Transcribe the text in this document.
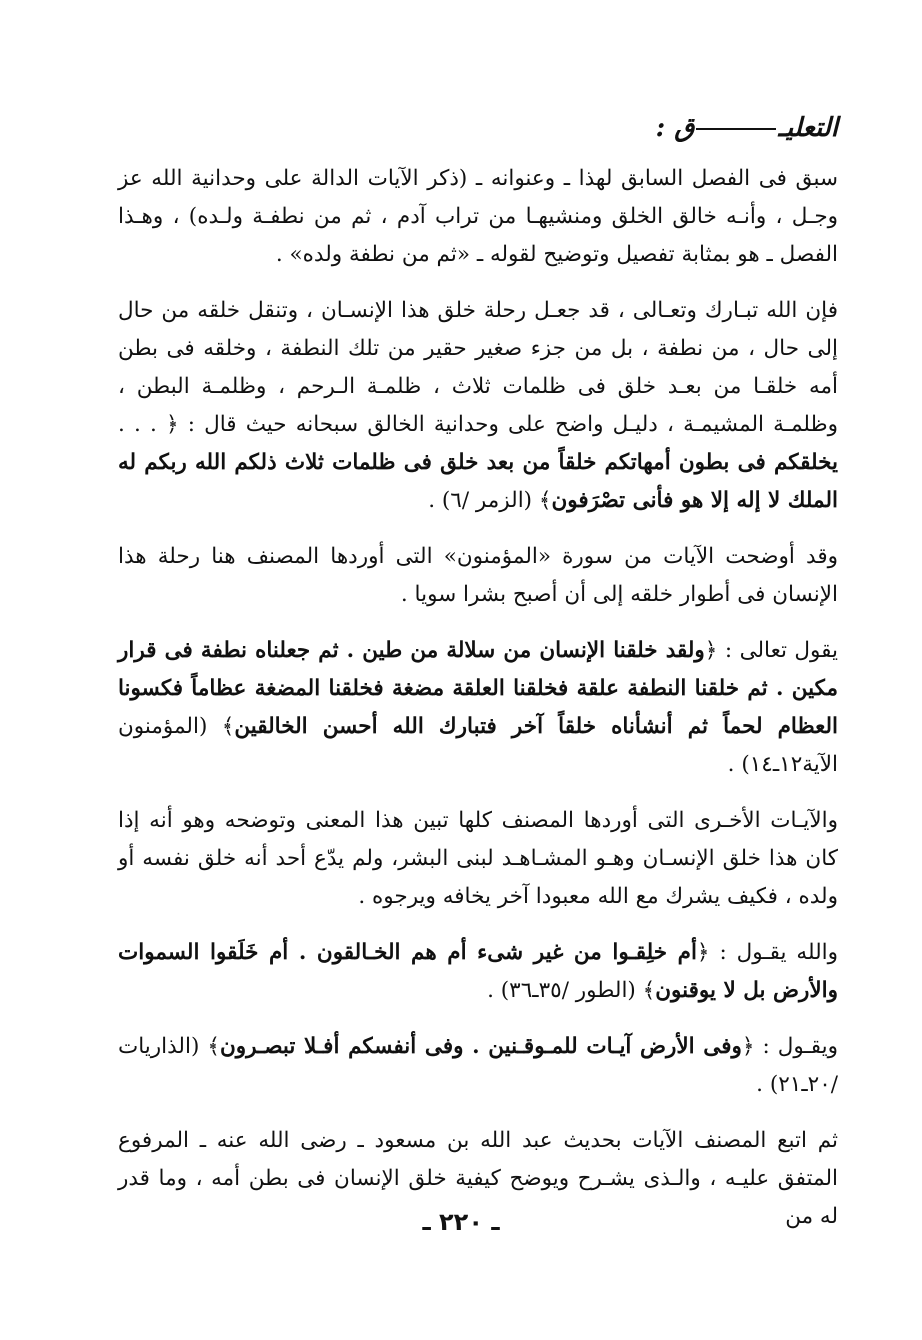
التعليـق :

سبق فى الفصل السابق لهذا ـ وعنوانه ـ (ذكر الآيات الدالة على وحدانية الله عز وجـل ، وأنـه خالق الخلق ومنشيهـا من تراب آدم ، ثم من نطفـة ولـده) ، وهـذا الفصل ـ هو بمثابة تفصيل وتوضيح لقوله ـ «ثم من نطفة ولده» .

فإن الله تبـارك وتعـالى ، قد جعـل رحلة خلق هذا الإنسـان ، وتنقل خلقه من حال إلى حال ، من نطفة ، بل من جزء صغير حقير من تلك النطفة ، وخلقه فى بطن أمه خلقـا من بعـد خلق فى ظلمات ثلاث ، ظلمـة الـرحم ، وظلمـة البطن ، وظلمـة المشيمـة ، دليـل واضح على وحدانية الخالق سبحانه حيث قال : ﴿ . . . يخلقكم فى بطون أمهاتكم خلقاً من بعد خلق فى ظلمات ثلاث ذلكم الله ربكم له الملك لا إله إلا هو فأنى تصْرَفون﴾ (الزمر /٦) .

وقد أوضحت الآيات من سورة «المؤمنون» التى أوردها المصنف هنا رحلة هذا الإنسان فى أطوار خلقه إلى أن أصبح بشرا سويا .

يقول تعالى : ﴿ولقد خلقنا الإنسان من سلالة من طين . ثم جعلناه نطفة فى قرار مكين . ثم خلقنا النطفة علقة فخلقنا العلقة مضغة فخلقنا المضغة عظاماً فكسونا العظام لحماً ثم أنشأناه خلقاً آخر فتبارك الله أحسن الخالقين﴾ (المؤمنون الآية١٢ـ١٤) .

والآيـات الأخـرى التى أوردها المصنف كلها تبين هذا المعنى وتوضحه وهو أنه إذا كان هذا خلق الإنسـان وهـو المشـاهـد لبنى البشر، ولم يدّع أحد أنه خلق نفسه أو ولده ، فكيف يشرك مع الله معبودا آخر يخافه ويرجوه .

والله يقـول : ﴿أم خلِقـوا من غير شىء أم هم الخـالقون . أم خَلَقوا السموات والأرض بل لا يوقنون﴾ (الطور /٣٥ـ٣٦) .

ويقـول : ﴿وفى الأرض آيـات للمـوقـنين . وفى أنفسكم أفـلا تبصـرون﴾ (الذاريات /٢٠ـ٢١) .

ثم اتبع المصنف الآيات بحديث عبد الله بن مسعود ـ رضى الله عنه ـ المرفوع المتفق عليـه ، والـذى يشـرح ويوضح كيفية خلق الإنسان فى بطن أمه ، وما قدر له من

ـ ٢٢٠ ـ
